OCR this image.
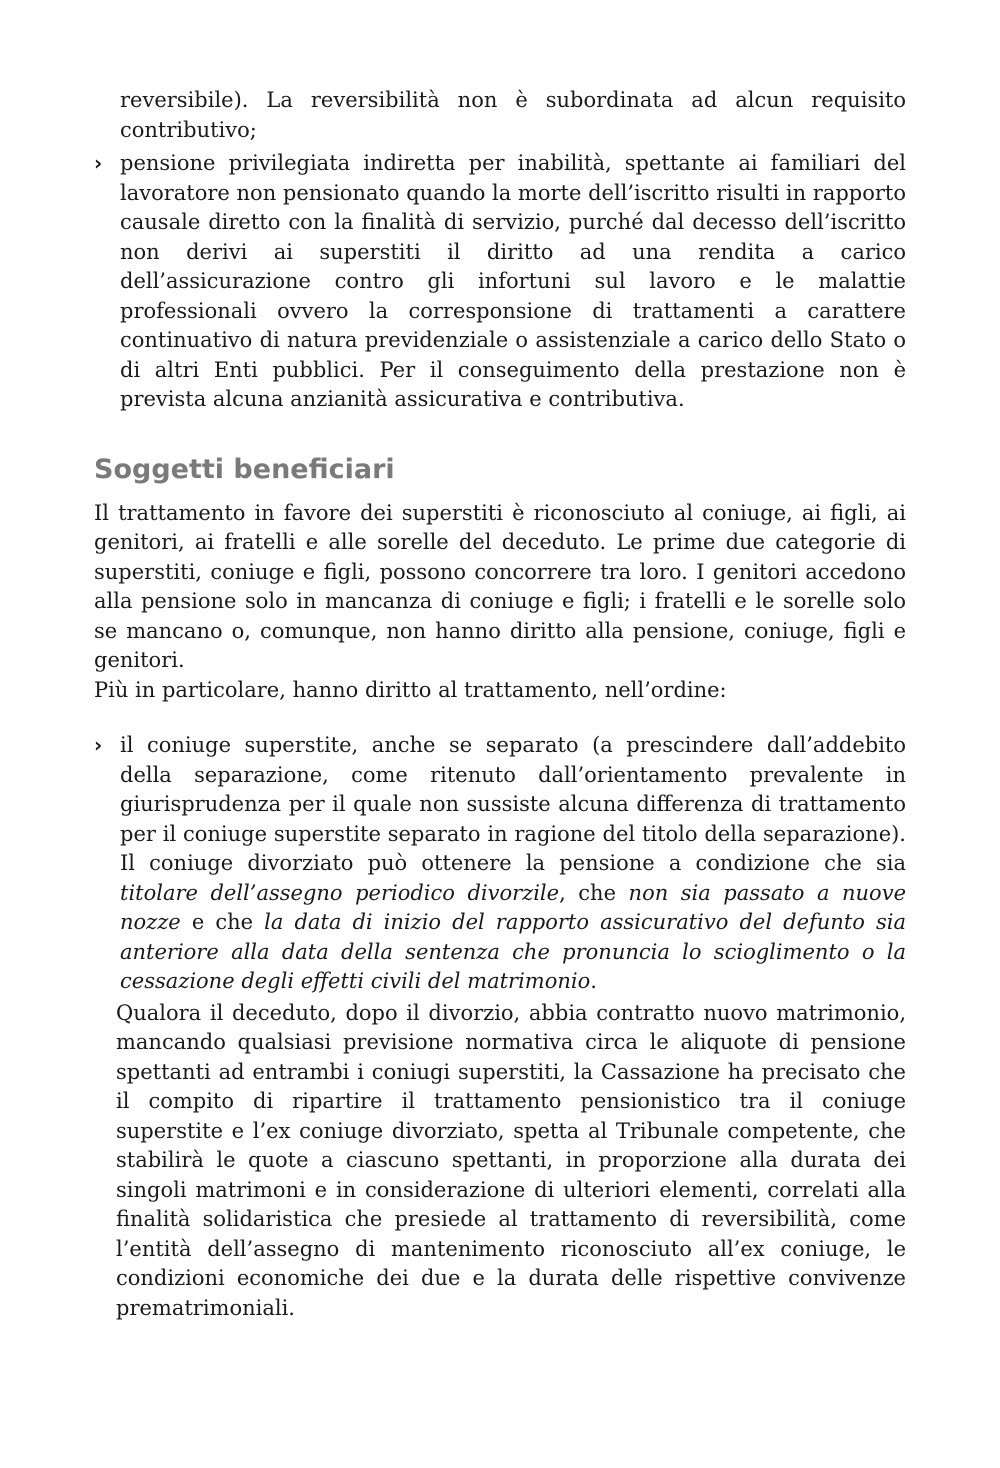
reversibile). La reversibilità non è subordinata ad alcun requisito contributivo;

› pensione privilegiata indiretta per inabilità, spettante ai familiari del lavoratore non pensionato quando la morte dell’iscritto risulti in rapporto causale diretto con la finalità di servizio, purché dal decesso dell’iscritto non derivi ai superstiti il diritto ad una rendita a carico dell’assicurazione contro gli infortuni sul lavoro e le malattie professionali ovvero la corresponsione di trattamenti a carattere continuativo di natura previdenziale o assistenziale a carico dello Stato o di altri Enti pubblici. Per il conseguimento della prestazione non è prevista alcuna anzianità assicurativa e contributiva.

Soggetti beneficiari

Il trattamento in favore dei superstiti è riconosciuto al coniuge, ai figli, ai genitori, ai fratelli e alle sorelle del deceduto. Le prime due categorie di superstiti, coniuge e figli, possono concorrere tra loro. I genitori accedono alla pensione solo in mancanza di coniuge e figli; i fratelli e le sorelle solo se mancano o, comunque, non hanno diritto alla pensione, coniuge, figli e genitori.

Più in particolare, hanno diritto al trattamento, nell’ordine:

› il coniuge superstite, anche se separato (a prescindere dall’addebito della separazione, come ritenuto dall’orientamento prevalente in giurisprudenza per il quale non sussiste alcuna differenza di trattamento per il coniuge superstite separato in ragione del titolo della separazione). Il coniuge divorziato può ottenere la pensione a condizione che sia titolare dell’assegno periodico divorzile, che non sia passato a nuove nozze e che la data di inizio del rapporto assicurativo del defunto sia anteriore alla data della sentenza che pronuncia lo scioglimento o la cessazione degli effetti civili del matrimonio.

Qualora il deceduto, dopo il divorzio, abbia contratto nuovo matrimonio, mancando qualsiasi previsione normativa circa le aliquote di pensione spettanti ad entrambi i coniugi superstiti, la Cassazione ha precisato che il compito di ripartire il trattamento pensionistico tra il coniuge superstite e l’ex coniuge divorziato, spetta al Tribunale competente, che stabilirà le quote a ciascuno spettanti, in proporzione alla durata dei singoli matrimoni e in considerazione di ulteriori elementi, correlati alla finalità solidaristica che presiede al trattamento di reversibilità, come l’entità dell’assegno di mantenimento riconosciuto all’ex coniuge, le condizioni economiche dei due e la durata delle rispettive convivenze prematrimoniali.
